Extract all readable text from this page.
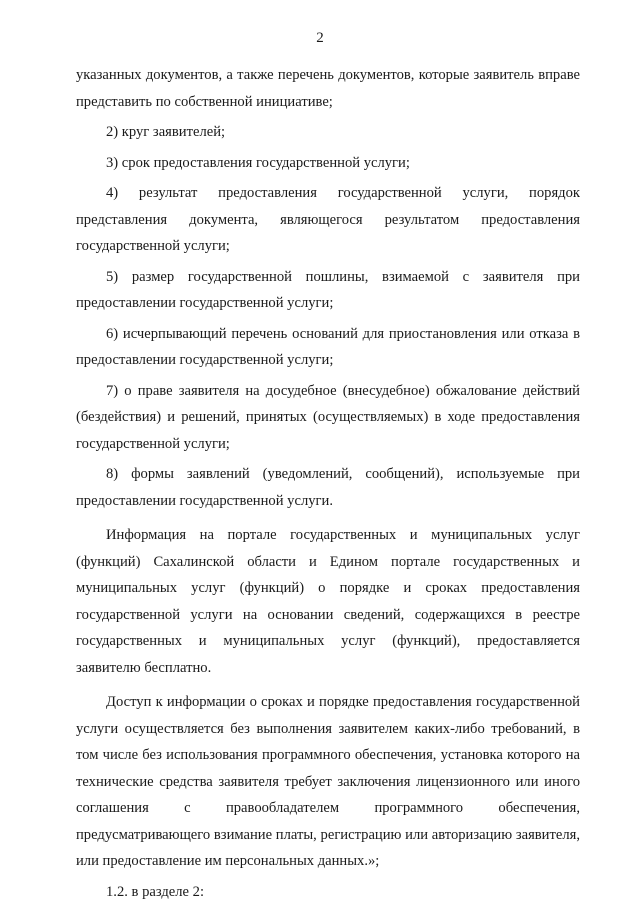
2

указанных документов, а также перечень документов, которые заявитель вправе представить по собственной инициативе;

2) круг заявителей;

3) срок предоставления государственной услуги;

4) результат предоставления государственной услуги, порядок представления документа, являющегося результатом предоставления государственной услуги;

5) размер государственной пошлины, взимаемой с заявителя при предоставлении государственной услуги;

6) исчерпывающий перечень оснований для приостановления или отказа в предоставлении государственной услуги;

7) о праве заявителя на досудебное (внесудебное) обжалование действий (бездействия) и решений, принятых (осуществляемых) в ходе предоставления государственной услуги;

8) формы заявлений (уведомлений, сообщений), используемые при предоставлении государственной услуги.

Информация на портале государственных и муниципальных услуг (функций) Сахалинской области и Едином портале государственных и муниципальных услуг (функций) о порядке и сроках предоставления государственной услуги на основании сведений, содержащихся в реестре государственных и муниципальных услуг (функций), предоставляется заявителю бесплатно.

Доступ к информации о сроках и порядке предоставления государственной услуги осуществляется без выполнения заявителем каких-либо требований, в том числе без использования программного обеспечения, установка которого на технические средства заявителя требует заключения лицензионного или иного соглашения с правообладателем программного обеспечения, предусматривающего взимание платы, регистрацию или авторизацию заявителя, или предоставление им персональных данных.»;

1.2. в разделе 2:
